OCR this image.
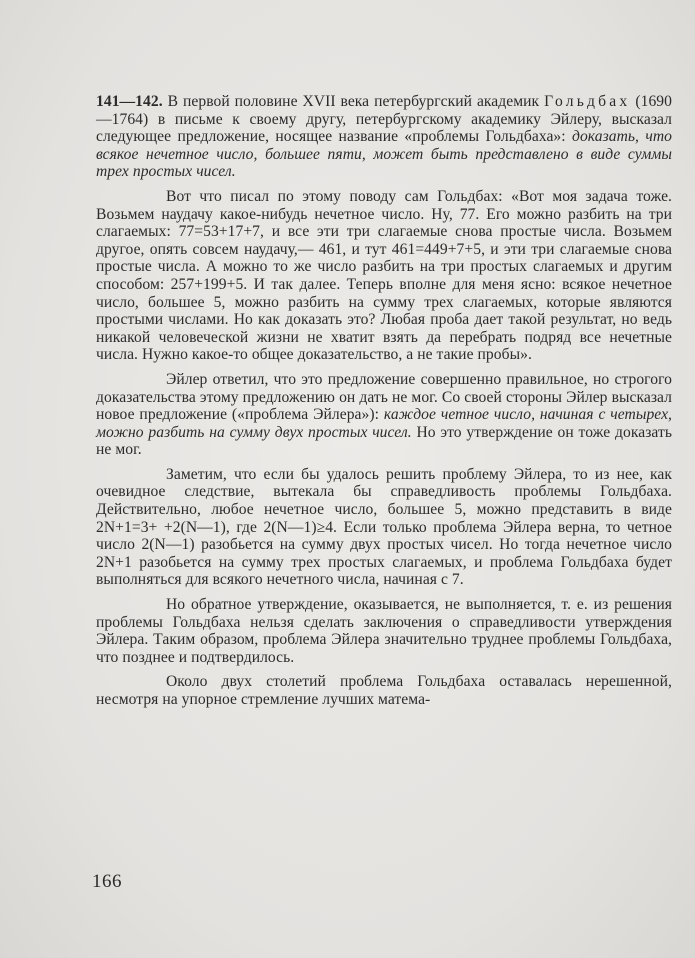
141—142. В первой половине XVII века петербургский академик Гольдбах (1690—1764) в письме к своему другу, петербургскому академику Эйлеру, высказал следующее предложение, носящее название «проблемы Гольдбаха»: доказать, что всякое нечетное число, большее пяти, может быть представлено в виде суммы трех простых чисел.

Вот что писал по этому поводу сам Гольдбах: «Вот моя задача тоже. Возьмем наудачу какое-нибудь нечетное число. Ну, 77. Его можно разбить на три слагаемых: 77=53+17+7, и все эти три слагаемые снова простые числа. Возьмем другое, опять совсем наудачу,— 461, и тут 461=449+7+5, и эти три слагаемые снова простые числа. А можно то же число разбить на три простых слагаемых и другим способом: 257+199+5. И так далее. Теперь вполне для меня ясно: всякое нечетное число, большее 5, можно разбить на сумму трех слагаемых, которые являются простыми числами. Но как доказать это? Любая проба дает такой результат, но ведь никакой человеческой жизни не хватит взять да перебрать подряд все нечетные числа. Нужно какое-то общее доказательство, а не такие пробы».

Эйлер ответил, что это предложение совершенно правильное, но строгого доказательства этому предложению он дать не мог. Со своей стороны Эйлер высказал новое предложение («проблема Эйлера»): каждое четное число, начиная с четырех, можно разбить на сумму двух простых чисел. Но это утверждение он тоже доказать не мог.

Заметим, что если бы удалось решить проблему Эйлера, то из нее, как очевидное следствие, вытекала бы справедливость проблемы Гольдбаха. Действительно, любое нечетное число, большее 5, можно представить в виде 2N+1=3+ +2(N—1), где 2(N—1)≥4. Если только проблема Эйлера верна, то четное число 2(N—1) разобьется на сумму двух простых чисел. Но тогда нечетное число 2N+1 разобьется на сумму трех простых слагаемых, и проблема Гольдбаха будет выполняться для всякого нечетного числа, начиная с 7.

Но обратное утверждение, оказывается, не выполняется, т. е. из решения проблемы Гольдбаха нельзя сделать заключения о справедливости утверждения Эйлера. Таким образом, проблема Эйлера значительно труднее проблемы Гольдбаха, что позднее и подтвердилось.

Около двух столетий проблема Гольдбаха оставалась нерешенной, несмотря на упорное стремление лучших матема-

166
